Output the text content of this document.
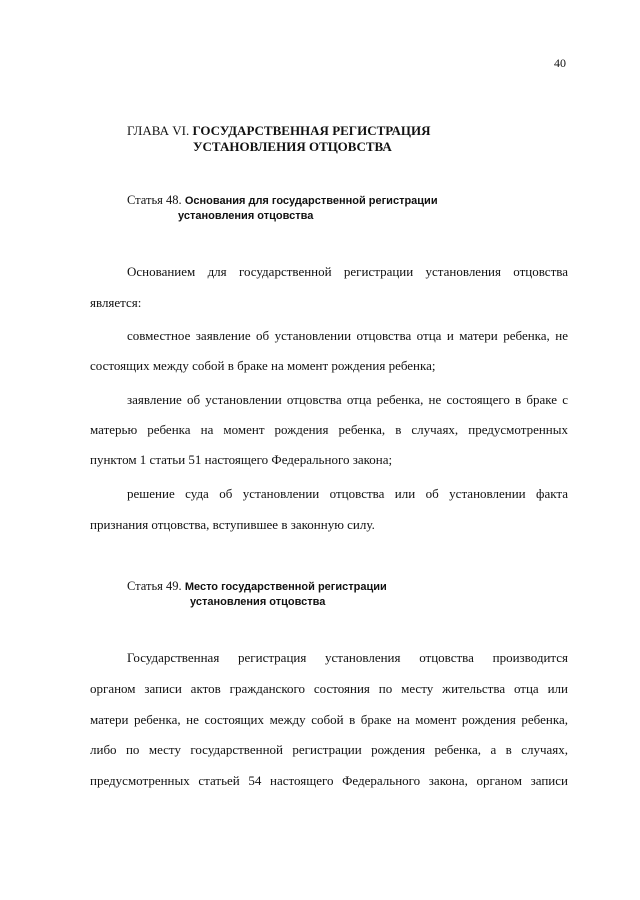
40
ГЛАВА VI. ГОСУДАРСТВЕННАЯ РЕГИСТРАЦИЯ
УСТАНОВЛЕНИЯ ОТЦОВСТВА
Статья 48. Основания для государственной регистрации
установления отцовства
Основанием для государственной регистрации установления отцовства
является:
совместное заявление об установлении отцовства отца и матери ребенка, не
состоящих между собой в браке на момент рождения ребенка;
заявление об установлении отцовства отца ребенка, не состоящего в браке с
матерью ребенка на момент рождения ребенка, в случаях, предусмотренных
пунктом 1 статьи 51 настоящего Федерального закона;
решение суда об установлении отцовства или об установлении факта
признания отцовства, вступившее в законную силу.
Статья 49. Место государственной регистрации
установления отцовства
Государственная регистрация установления отцовства производится
органом записи актов гражданского состояния по месту жительства отца или
матери ребенка, не состоящих между собой в браке на момент рождения ребенка,
либо по месту государственной регистрации рождения ребенка, а в случаях,
предусмотренных статьей 54 настоящего Федерального закона, органом записи
